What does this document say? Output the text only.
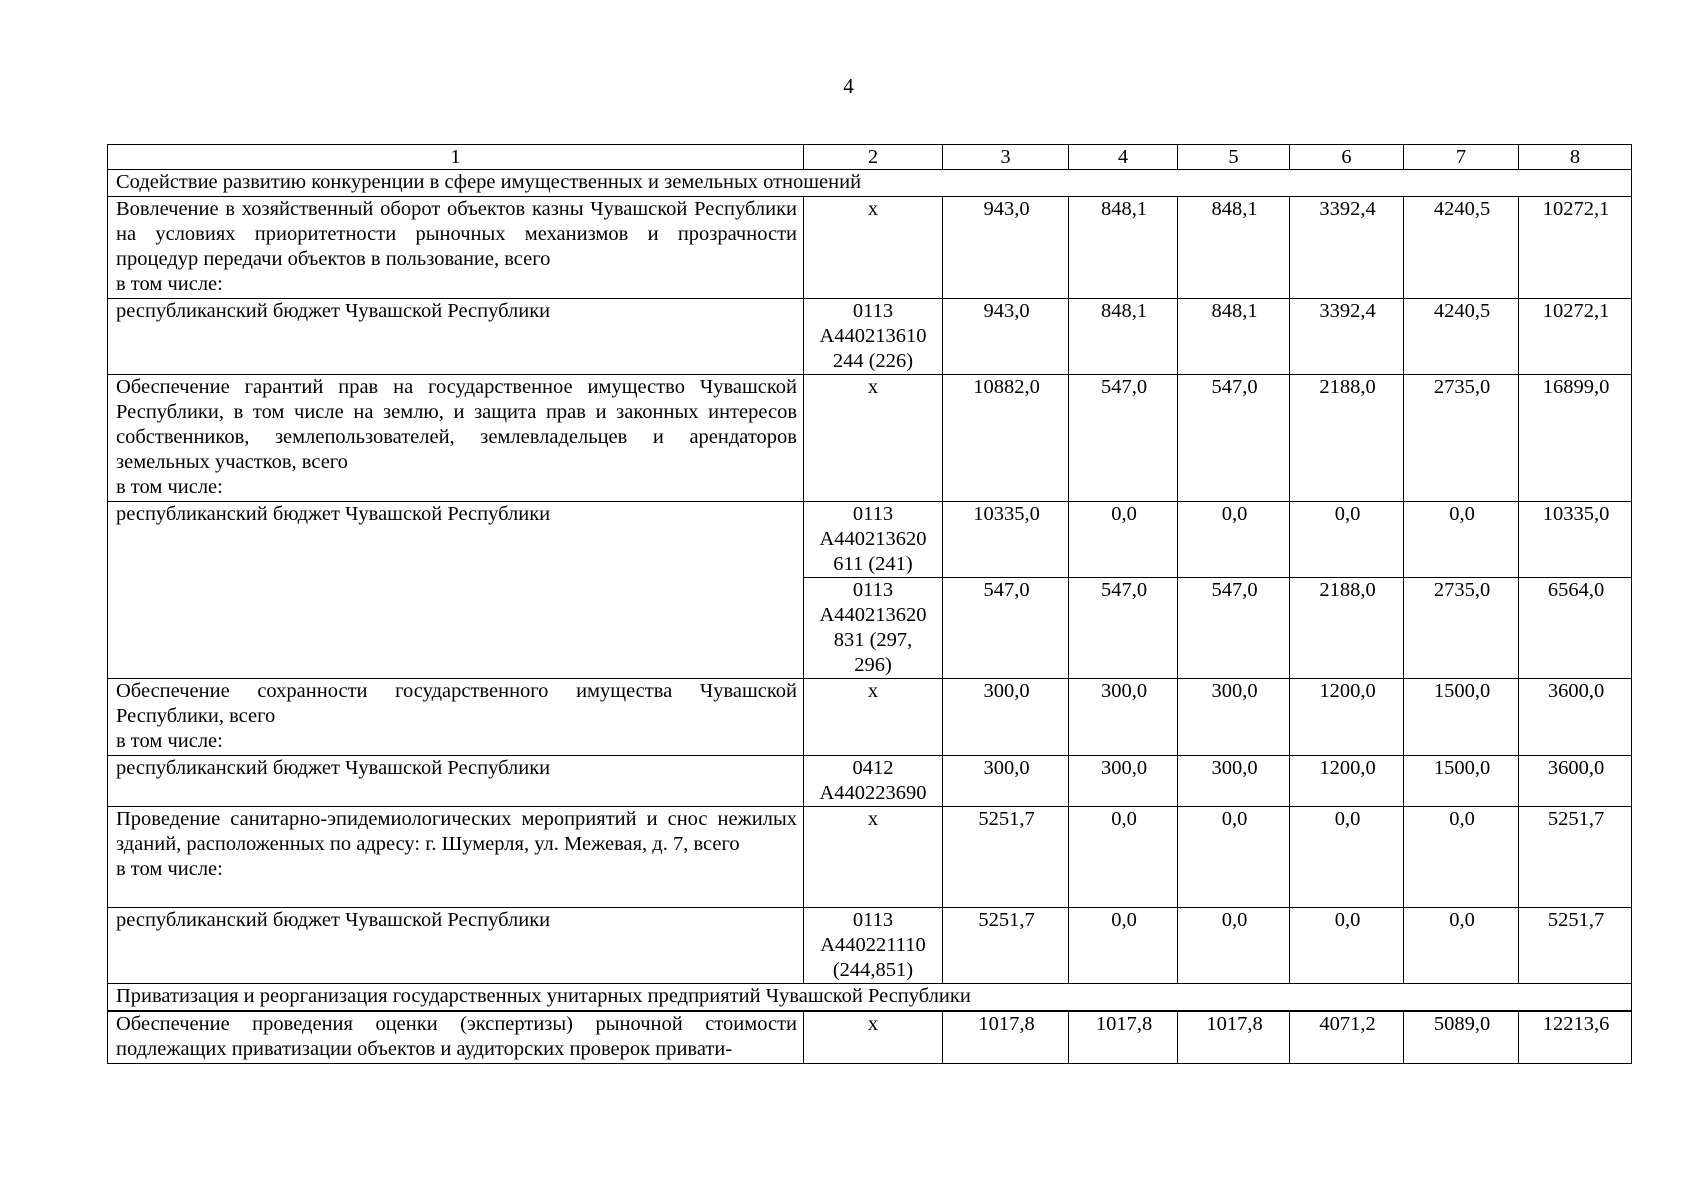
4
1	2	3	4	5	6	7	8
Содействие развитию конкуренции в сфере имущественных и земельных отношений							

Вовлечение в хозяйственный оборот объектов казны Чувашской Республики на условиях приоритетности рыночных механизмов и прозрачности процедур передачи объектов в пользование, всего
в том числе:	х	943,0	848,1	848,1	3392,4	4240,5	10272,1
республиканский бюджет Чувашской Республики	0113
А440213610
244 (226)	943,0	848,1	848,1	3392,4	4240,5	10272,1

Обеспечение гарантий прав на государственное имущество Чувашской Республики, в том числе на землю, и защита прав и законных интересов собственников, землепользователей, землевладельцев и арендаторов земельных участков, всего
в том числе:	х	10882,0	547,0	547,0	2188,0	2735,0	16899,0
республиканский бюджет Чувашской Республики	0113
А440213620
611 (241)	10335,0	0,0	0,0	0,0	0,0	10335,0

	0113
А440213620
831 (297,
296)	547,0	547,0	547,0	2188,0	2735,0	6564,0

Обеспечение сохранности государственного имущества Чувашской Республики, всего
в том числе:	х	300,0	300,0	300,0	1200,0	1500,0	3600,0
республиканский бюджет Чувашской Республики	0412
А440223690	300,0	300,0	300,0	1200,0	1500,0	3600,0

Проведение санитарно-эпидемиологических мероприятий и снос нежилых зданий, расположенных по адресу: г. Шумерля, ул. Межевая, д. 7, всего
в том числе:	х	5251,7	0,0	0,0	0,0	0,0	5251,7
республиканский бюджет Чувашской Республики	0113
А440221110
(244,851)	5251,7	0,0	0,0	0,0	0,0	5251,7
Приватизация и реорганизация государственных унитарных предприятий Чувашской Республики							
Обеспечение проведения оценки (экспертизы) рыночной стоимости подлежащих приватизации объектов и аудиторских проверок привати-	х	1017,8	1017,8	1017,8	4071,2	5089,0	12213,6
